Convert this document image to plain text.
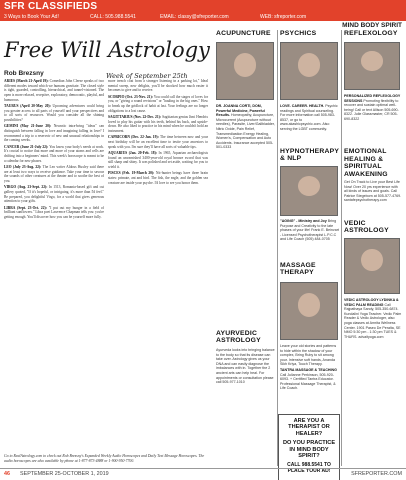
SFR CLASSIFIEDS
3 Ways to Book Your Ad!	CALL: 505.988.5541	EMAIL: classy@sfreporter.com	WEB: sfreporter.com
MIND BODY SPIRIT
Free Will Astrology
Rob Brezsny	Week of September 25th

ARIES (March 21-April 19): Comedian John Cleese speaks of two different modes toward which we humans gravitate. The closed style is tight, guarded, controlling, hierarchical, and tunnel-visioned. The open is more relaxed, receptive, exploratory, democratic, playful, and humorous.

TAURUS (April 20-May 20): Upcoming adventures could bring you greater access to all parts of yourself and your perspectives and to all sorts of resources. Would you consider all the shining possibilities?

GEMINI (May 21-June 20): Neurotic intra-bring "ideas" can distinguish between falling in love and imagining falling in love? I recommend a trip to a reservoir of new and unusual relationships in the coming weeks.

CANCER (June 21-July 22): You know your body's needs at work. It's crucial to notice that more and more of your atoms and cells are drifting into a beginners' mind. This week's horoscope is meant to be a calendar for new phases.

LEO (July 23-Aug. 22): The Leo writer Aldous Huxley said there are at least two ways to receive guidance. Take your time to savour the sounds of other creatures at the theater and to soothe the best of you.

VIRGO (Aug. 23-Sept. 22): In 1513, Romania-based gift and cut gallery quoted, "If it's hopeful, or intriguing, it's more than I'd feel." Be prepared, you delightful Virgo, for a world that gives generous attention to your gifts.

LIBRA (Sept. 23-Oct. 22): "I put out my hunger in a field of brilliant sunflowers." Libra poet Lawrence Chapman tells you: you're getting enough. You'll discover how you can be yourself more fully.

more trench coat from a stronger listening in a parking lot," Ideal mental sweep, new delights, you'll be shocked how much easier it becomes to give and to receive.

SCORPIO (Oct. 23-Nov. 21): You could call the stages of loves for you, or "giving a round revisions" or "hauling in the big ones." How to break up the gridlock of habit at last. Your feelings are no longer obligations to a lost cause.

SAGITTARIUS (Nov. 22-Dec. 21): Sagittarian genius Jimi Hendrix loved to play his guitar with his teeth, behind his back, and upside-down. He also liked to practice in his mind when he couldn't hold an instrument.

CAPRICORN (Dec. 22-Jan. 19): The time between now and your next birthday will be an excellent time to invite your ancestors to speak with you. I'm sure they'll have all sorts of valuable tips.

AQUARIUS (Jan. 20-Feb. 18): In 1965, Aquarian archaeologists found an unvarnished 3400-year-old royal bronze sword that was still sharp and shiny. It was polished and set aside, waiting for you to wield it.

PISCES (Feb. 19-March 20): Nit-hunter beings have three brain states: primate, ant and bird. The fish, the eagle, and the golden sea creature are inside your psyche. I'd love to see you honor them.

Go to RealAstrology.com to check out Rob Brezsny's Expanded Weekly Audio Horoscopes and Daily Text Message Horoscopes. The audio horoscopes are also available by phone at 1-877-873-4888 or 1-900-950-7700.
ACUPUNCTURE
DR. JOANNA CORTI, DOM, Powerful Medicine, Powerful Results. Homeopathy, Acupuncture, Microcurrent (Acupuncture without needles), Parasite, Liver/Gallbladder, Nitric Oxide, Pain Relief, Transmediastion Energy Healing, Women's, Compensation and Auto Accidents. Insurance accepted 505-501-0333
PSYCHICS
LOVE. CAREER. HEALTH. Psychic readings and Spiritual counseling. For more information call 505-983-8537, or go to www.akashicpsychic.com. Also serving the LGBT community.
REFLEXOLOGY
PERSONALIZED REFLEXOLOGY SESSIONS Promoting flexibility to recover and sustain optimal well-being! Call or text Allison 505-690-8322. Julie Glassmaster, CR 505-690-8322
HYPNOTHERAPY & NLP
"AGING" - Ministry and Joy Bring Purpose and Creativity to the late phases of your life! Frank E. Beinvart - Licensed Psychotherapist L.P.C.C and Life Coach (505) 484-0705
EMOTIONAL HEALING & SPIRITUAL AWAKENING
Get On Track to Live your Best Life Now! Over 20 yrs experience with all kinds of issues and goals. Call Patrice Stegeborn at 505-577-4769. santafepsychotherapy.com
MASSAGE THERAPY
Leave your old stories and patterns to hide within the shadow of your complex, Bring Ruby to sit among your. Intensive soft hands, Ananda Sikh Kriya, Touch Therapy.
AYURVEDIC ASTROLOGY
Ayurveda looks into bringing balance to the body so that its disease can take over. Astrology gives us your DNA and can easily diagnose the imbalances with in. Together the 2 ancient arts can help heal. For appointments or consultation please call 505-977-1010
TANTRA MASSAGE & TEACHING Call Julianne Perkinson, 505-920-6093. + Certified Tantra Educator. Professional Massage Therapist, & Life Coach.
VEDIC ASTROLOGY
VEDIC ASTROLOGY LYDINKA & VEDIC PALM READING Call Rajpathaya Sandy, 505-350-6874. Kundalini Yoga Teacher. Vedic Palm Reader & Vedic Astrologer, also yoga classes at Amrita Wellness Center. 1901 Paseo De Peralta, SE NMO 5:30 pm - 1:30 pm TUES & THURS. advaityoga.com
ARE YOU A THERAPIST OR HEALER?
DO YOU PRACTICE IN MIND BODY SPIRIT?
CALL 988.5541 TO PLACE YOUR AD!
46 SEPTEMBER 25-OCTOBER 1, 2019	SFREPORTER.COM
